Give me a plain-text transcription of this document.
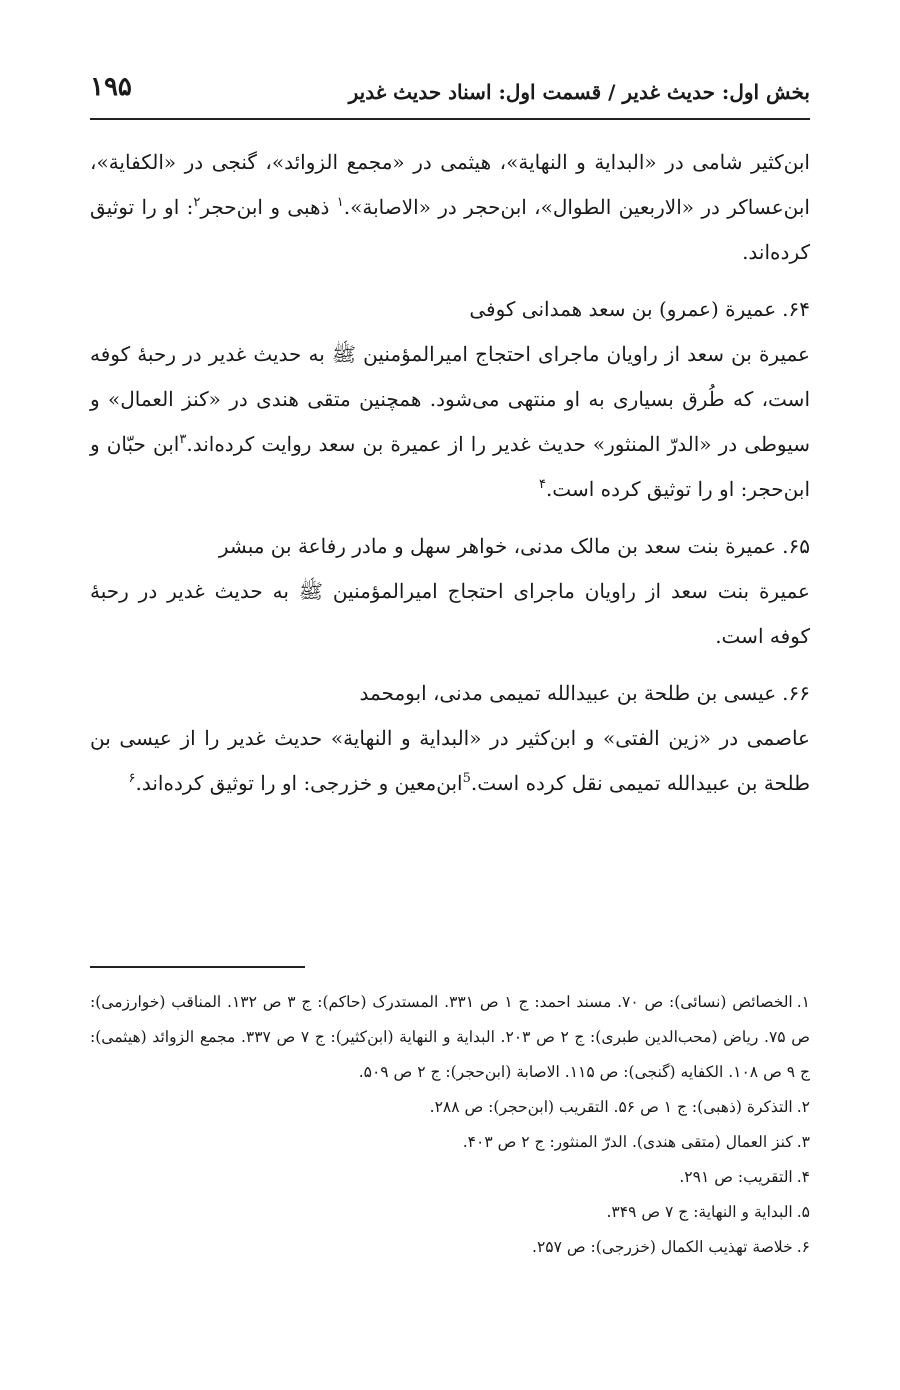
بخش اول: حدیث غدیر / قسمت اول: اسناد حدیث غدیر
۱۹۵

ابن‌کثیر شامی در «البدایة و النهایة»، هیثمی در «مجمع الزوائد»، گنجی در «الکفایة»، ابن‌عساکر در «الاربعین الطوال»، ابن‌حجر در «الاصابة».$^۱$ ذهبی و ابن‌حجر$^۲$: او را توثیق کرده‌اند.

۶۴.عمیرة (عمرو) بن سعد همدانی کوفی

عمیرة بن سعد از راویان ماجرای احتجاج امیرالمؤمنین ﷺ به حدیث غدیر در رحبهٔ کوفه است، که طُرق بسیاری به او منتهی می‌شود. همچنین متقی هندی در «کنز العمال» و سیوطی در «الدرّ المنثور» حدیث غدیر را از عمیرة بن سعد روایت کرده‌اند.$^۳$ابن حبّان و ابن‌حجر: او را توثیق کرده است.$^۴$

۶۵.عمیرة بنت سعد بن مالک مدنی، خواهر سهل و مادر رفاعة بن مبشر

عمیرة بنت سعد از راویان ماجرای احتجاج امیرالمؤمنین ﷺ به حدیث غدیر در رحبهٔ کوفه است.

۶۶.عیسی بن طلحة بن عبیدالله تمیمی مدنی، ابومحمد

عاصمی در «زین الفتی» و ابن‌کثیر در «البدایة و النهایة» حدیث غدیر را از عیسی بن طلحة بن عبیدالله تمیمی نقل کرده است.$^5$ابن‌معین و خزرجی: او را توثیق کرده‌اند.$^۶$

۱.الخصائص (نسائی): ص ۷۰. مسند احمد: ج ۱ ص ۳۳۱. المستدرک (حاکم): ج ۳ ص ۱۳۲. المناقب (خوارزمی): ص ۷۵. ریاض (محب‌الدین طبری): ج ۲ ص ۲۰۳. البدایة و النهایة (ابن‌کثیر): ج ۷ ص ۳۳۷. مجمع الزوائد (هیثمی): ج ۹ ص ۱۰۸. الکفایه (گنجی): ص ۱۱۵. الاصابة (ابن‌حجر): ج ۲ ص ۵۰۹.

۲.التذکرة (ذهبی): ج ۱ ص ۵۶. التقریب (ابن‌حجر): ص ۲۸۸.

۳.کنز العمال (متقی هندی). الدرّ المنثور: ج ۲ ص ۴۰۳.

۴.التقریب: ص ۲۹۱.

۵.البدایة و النهایة: ج ۷ ص ۳۴۹.

۶.خلاصة تهذیب الکمال (خزرجی): ص ۲۵۷.
